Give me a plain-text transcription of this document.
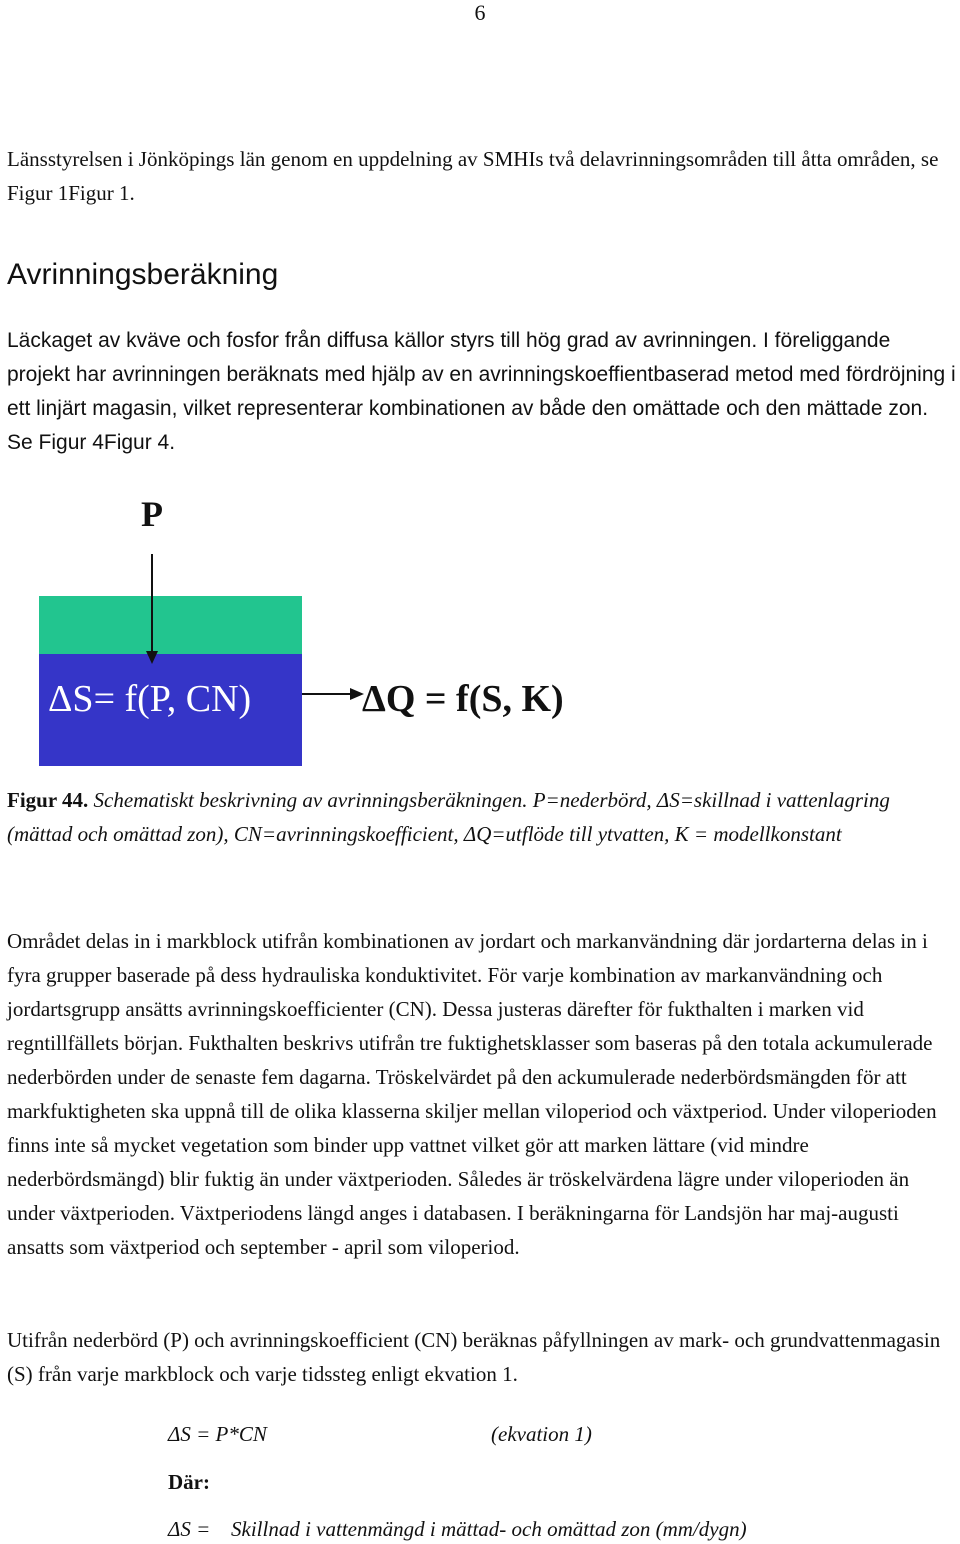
6

Länsstyrelsen i Jönköpings län genom en uppdelning av SMHIs två delavrinningsområden till åtta områden, se Figur 1Figur 1.

Avrinningsberäkning

Läckaget av kväve och fosfor från diffusa källor styrs till hög grad av avrinningen. I föreliggande projekt har avrinningen beräknats med hjälp av en avrinningskoeffientbaserad metod med fördröjning i ett linjärt magasin, vilket representerar kombinationen av både den omättade och den mättade zon. Se Figur 4Figur 4.

P
ΔS= f(P, CN)	ΔQ = f(S, K)

Figur 44. Schematiskt beskrivning av avrinningsberäkningen. P=nederbörd, ΔS=skillnad i vattenlagring (mättad och omättad zon), CN=avrinningskoefficient, ΔQ=utflöde till ytvatten, K = modellkonstant

Området delas in i markblock utifrån kombinationen av jordart och markanvändning där jordarterna delas in i fyra grupper baserade på dess hydrauliska konduktivitet. För varje kombination av markanvändning och jordartsgrupp ansätts avrinningskoefficienter (CN). Dessa justeras därefter för fukthalten i marken vid regntillfällets början. Fukthalten beskrivs utifrån tre fuktighetsklasser som baseras på den totala ackumulerade nederbörden under de senaste fem dagarna. Tröskelvärdet på den ackumulerade nederbördsmängden för att markfuktigheten ska uppnå till de olika klasserna skiljer mellan viloperiod och växtperiod. Under viloperioden finns inte så mycket vegetation som binder upp vattnet vilket gör att marken lättare (vid mindre nederbördsmängd) blir fuktig än under växtperioden. Således är tröskelvärdena lägre under viloperioden än under växtperioden. Växtperiodens längd anges i databasen. I beräkningarna för Landsjön har maj-augusti ansatts som växtperiod och september - april som viloperiod.

Utifrån nederbörd (P) och avrinningskoefficient (CN) beräknas påfyllningen av mark- och grundvattenmagasin (S) från varje markblock och varje tidssteg enligt ekvation 1.

ΔS = P*CN	(ekvation 1)
Där:
ΔS = Skillnad i vattenmängd i mättad- och omättad zon (mm/dygn)
